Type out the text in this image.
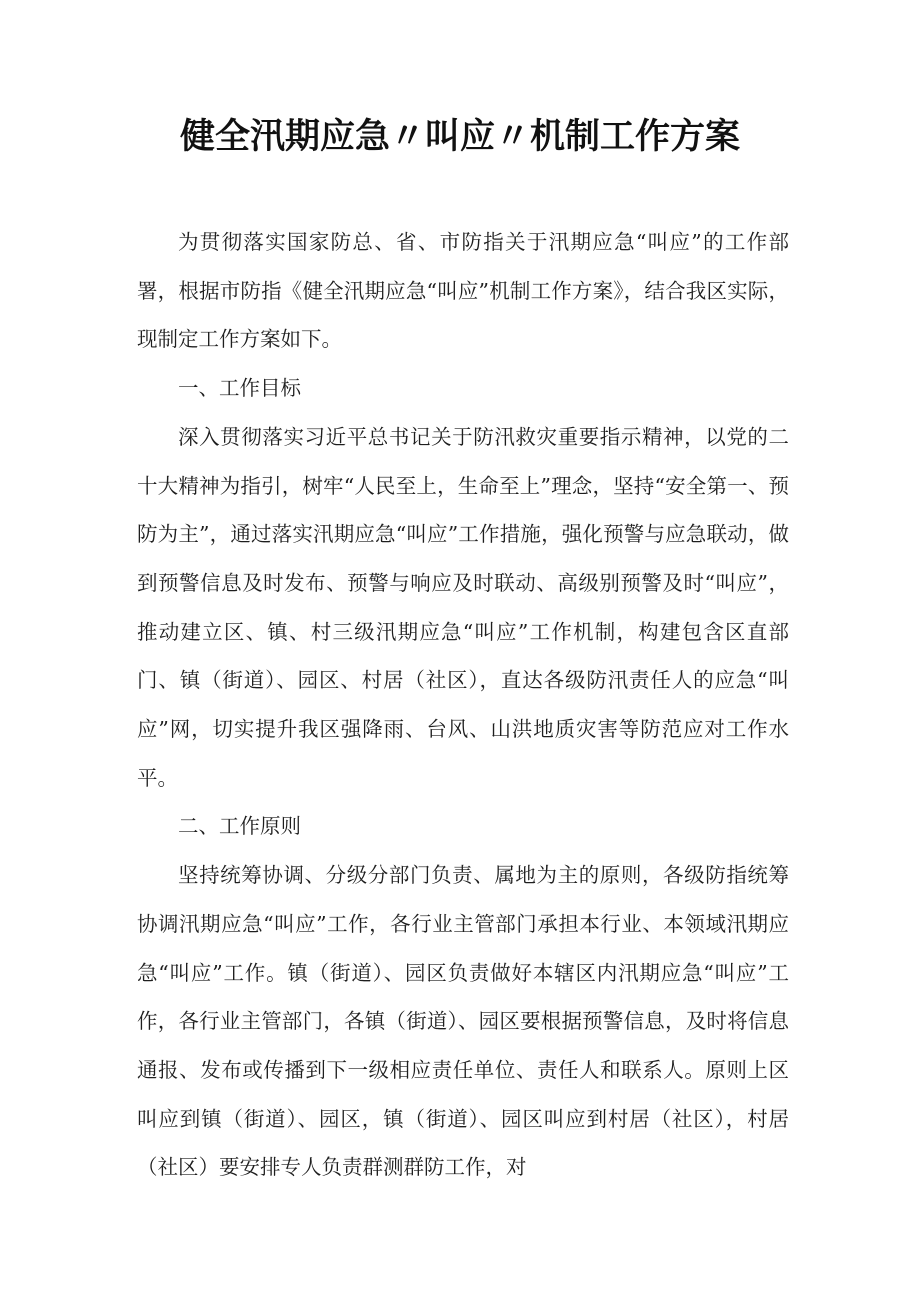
健全汛期应急〃叫应〃机制工作方案

为贯彻落实国家防总、省、市防指关于汛期应急“叫应”的工作部署，根据市防指《健全汛期应急“叫应”机制工作方案》，结合我区实际，现制定工作方案如下。

一、工作目标

深入贯彻落实习近平总书记关于防汛救灾重要指示精神，以党的二十大精神为指引，树牢“人民至上，生命至上”理念，坚持“安全第一、预防为主”，通过落实汛期应急“叫应”工作措施，强化预警与应急联动，做到预警信息及时发布、预警与响应及时联动、高级别预警及时“叫应”，推动建立区、镇、村三级汛期应急“叫应”工作机制，构建包含区直部门、镇（街道）、园区、村居（社区），直达各级防汛责任人的应急“叫应”网，切实提升我区强降雨、台风、山洪地质灾害等防范应对工作水平。

二、工作原则

坚持统筹协调、分级分部门负责、属地为主的原则，各级防指统筹协调汛期应急“叫应”工作，各行业主管部门承担本行业、本领域汛期应急“叫应”工作。镇（街道）、园区负责做好本辖区内汛期应急“叫应”工作，各行业主管部门，各镇（街道）、园区要根据预警信息，及时将信息通报、发布或传播到下一级相应责任单位、责任人和联系人。原则上区叫应到镇（街道）、园区，镇（街道）、园区叫应到村居（社区），村居（社区）要安排专人负责群测群防工作，对
